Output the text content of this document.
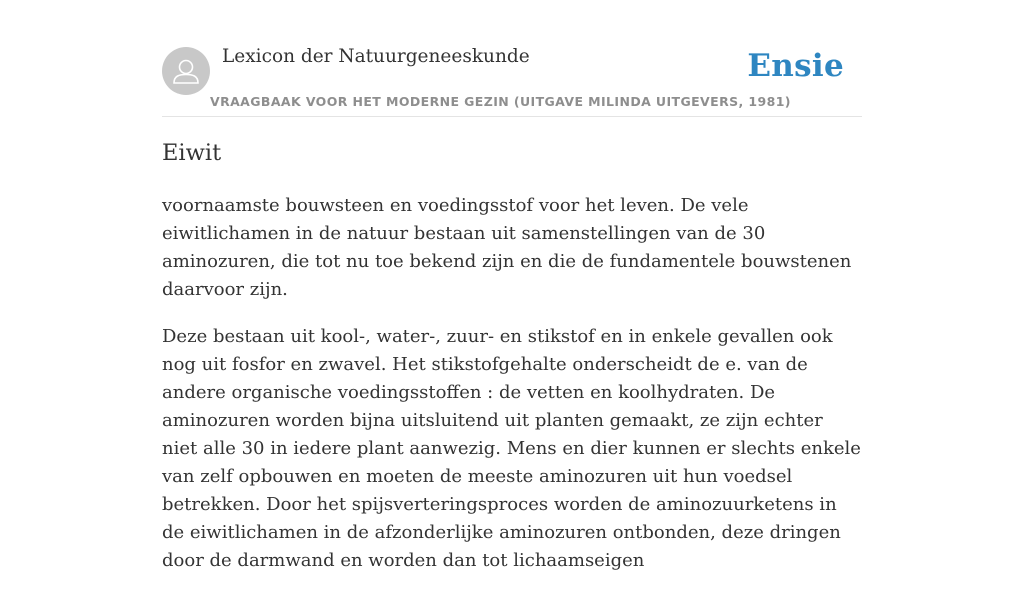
Lexicon der Natuurgeneeskunde
VRAAGBAAK VOOR HET MODERNE GEZIN (UITGAVE MILINDA UITGEVERS, 1981)
Ensie
Eiwit

voornaamste bouwsteen en voedingsstof voor het leven. De vele eiwitlichamen in de natuur bestaan uit samenstellingen van de 30 aminozuren, die tot nu toe bekend zijn en die de fundamentele bouwstenen daarvoor zijn.

Deze bestaan uit kool-, water-, zuur- en stikstof en in enkele gevallen ook nog uit fosfor en zwavel. Het stikstofgehalte onderscheidt de e. van de andere organische voedingsstoffen : de vetten en koolhydraten. De aminozuren worden bijna uitsluitend uit planten gemaakt, ze zijn echter niet alle 30 in iedere plant aanwezig. Mens en dier kunnen er slechts enkele van zelf opbouwen en moeten de meeste aminozuren uit hun voedsel betrekken. Door het spijsverteringsproces worden de aminozuurketens in de eiwitlichamen in de afzonderlijke aminozuren ontbonden, deze dringen door de darmwand en worden dan tot lichaamseigen
